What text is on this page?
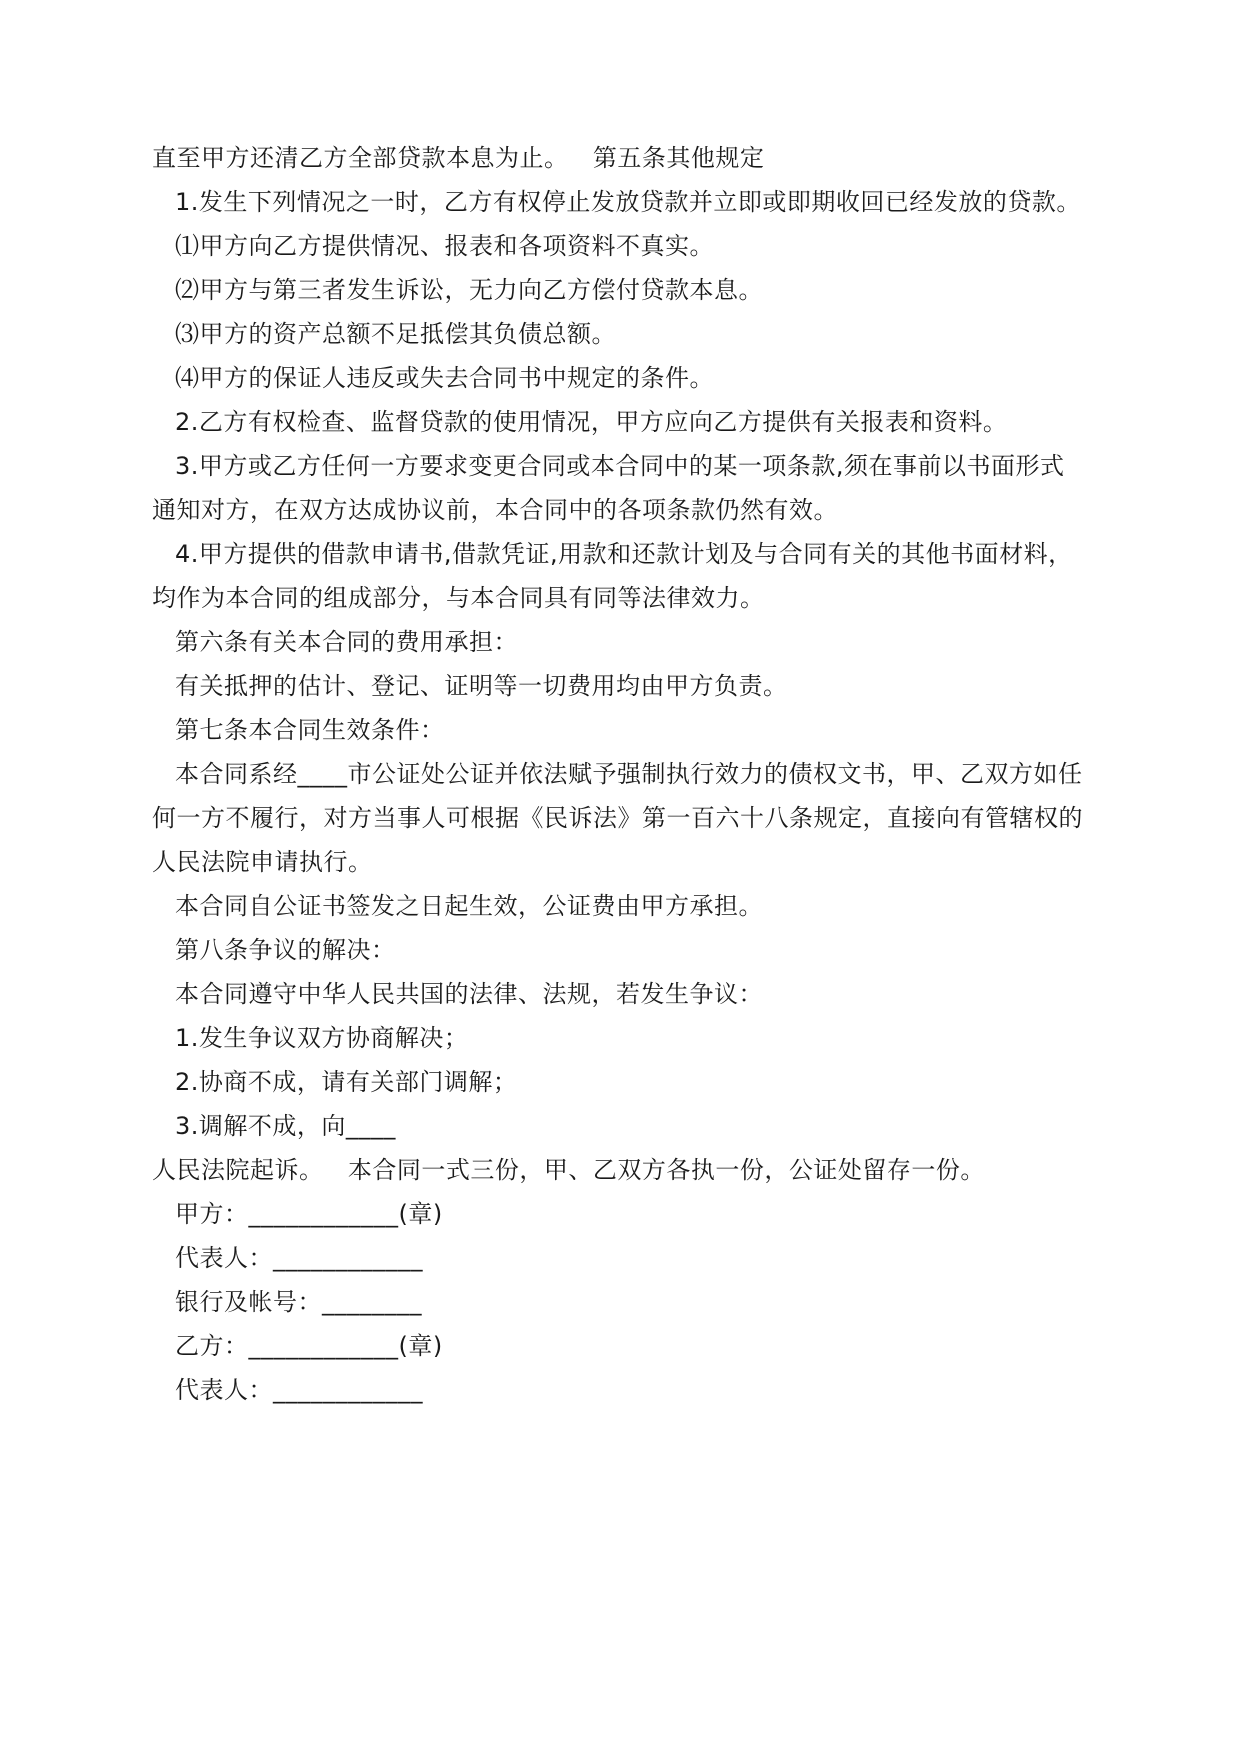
直至甲方还清乙方全部贷款本息为止。   第五条其他规定
1.发生下列情况之一时，乙方有权停止发放贷款并立即或即期收回已经发放的贷款。
⑴甲方向乙方提供情况、报表和各项资料不真实。
⑵甲方与第三者发生诉讼，无力向乙方偿付贷款本息。
⑶甲方的资产总额不足抵偿其负债总额。
⑷甲方的保证人违反或失去合同书中规定的条件。
2.乙方有权检查、监督贷款的使用情况，甲方应向乙方提供有关报表和资料。
3.甲方或乙方任何一方要求变更合同或本合同中的某一项条款,须在事前以书面形式
通知对方，在双方达成协议前，本合同中的各项条款仍然有效。
4.甲方提供的借款申请书,借款凭证,用款和还款计划及与合同有关的其他书面材料，
均作为本合同的组成部分，与本合同具有同等法律效力。
第六条有关本合同的费用承担：
有关抵押的估计、登记、证明等一切费用均由甲方负责。
第七条本合同生效条件：
本合同系经____市公证处公证并依法赋予强制执行效力的债权文书，甲、乙双方如任
何一方不履行，对方当事人可根据《民诉法》第一百六十八条规定，直接向有管辖权的
人民法院申请执行。
本合同自公证书签发之日起生效，公证费由甲方承担。
第八条争议的解决：
本合同遵守中华人民共国的法律、法规，若发生争议：
1.发生争议双方协商解决；
2.协商不成，请有关部门调解；
3.调解不成，向____
人民法院起诉。   本合同一式三份，甲、乙双方各执一份，公证处留存一份。
甲方：____________(章)
代表人：____________
银行及帐号：________
乙方：____________(章)
代表人：____________
